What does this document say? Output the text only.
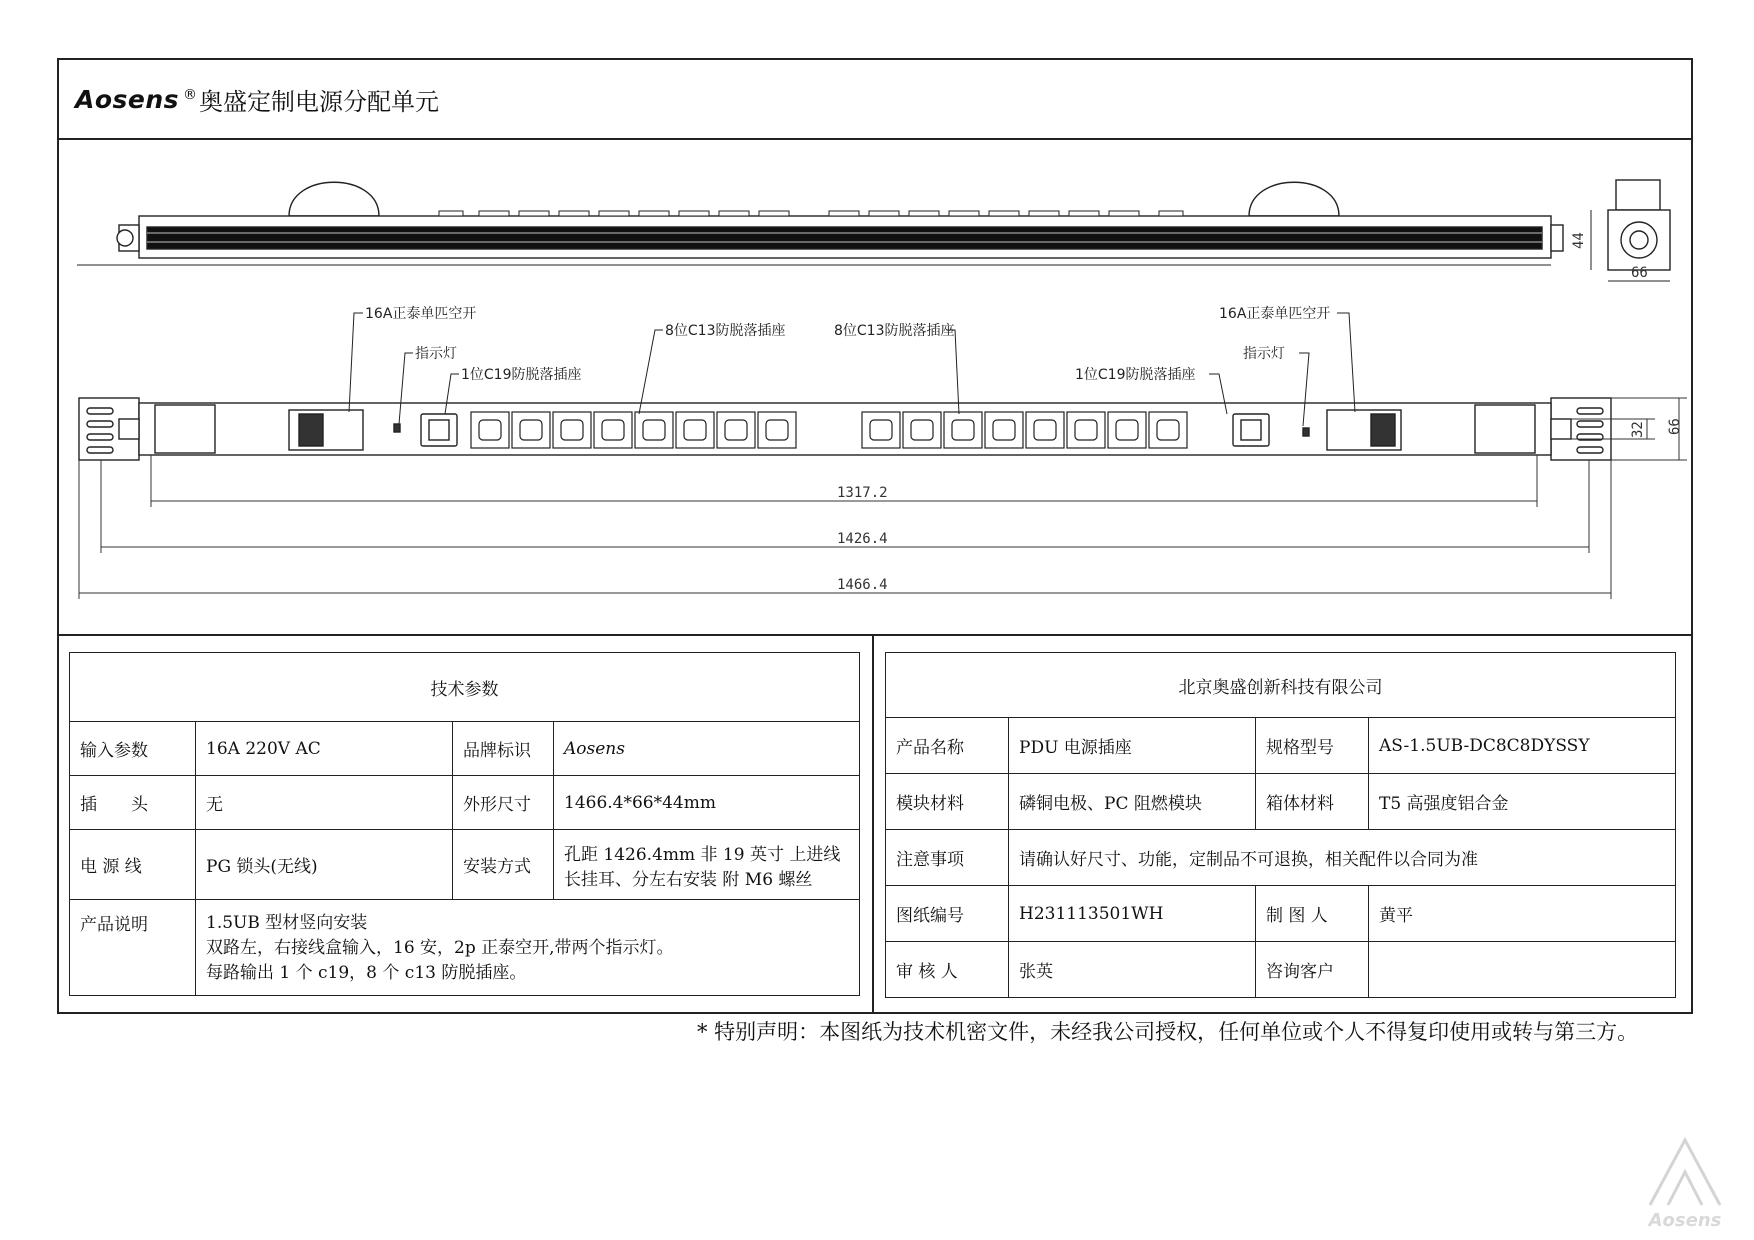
Aosens ® 奥盛定制电源分配单元
44
66
16A正泰单匹空开
指示灯
1位C19防脱落插座
8位C13防脱落插座	8位C13防脱落插座
1位C19防脱落插座
指示灯
16A正泰单匹空开
1317.2
1426.4
1466.4
66
32
技术参数			
输入参数	16A 220V AC	品牌标识	Aosens
插　　头	无	外形尺寸	1466.4*66*44mm
电 源 线	PG 锁头(无线)	安装方式	孔距 1426.4mm 非 19 英寸 上进线
长挂耳、分左右安装 附 M6 螺丝

产品说明	1.5UB 型材竖向安装
双路左，右接线盒输入，16 安，2p 正泰空开,带两个指示灯。
每路输出 1 个 c19，8 个 c13 防脱插座。		
北京奥盛创新科技有限公司			
产品名称	PDU 电源插座	规格型号	AS-1.5UB-DC8C8DYSSY
模块材料	磷铜电极、PC 阻燃模块	箱体材料	T5 高强度铝合金
注意事项	请确认好尺寸、功能，定制品不可退换，相关配件以合同为准		
图纸编号	H231113501WH	制 图 人	黄平
审 核 人	张英	咨询客户	
* 特别声明：本图纸为技术机密文件，未经我公司授权，任何单位或个人不得复印使用或转与第三方。
Aosens
